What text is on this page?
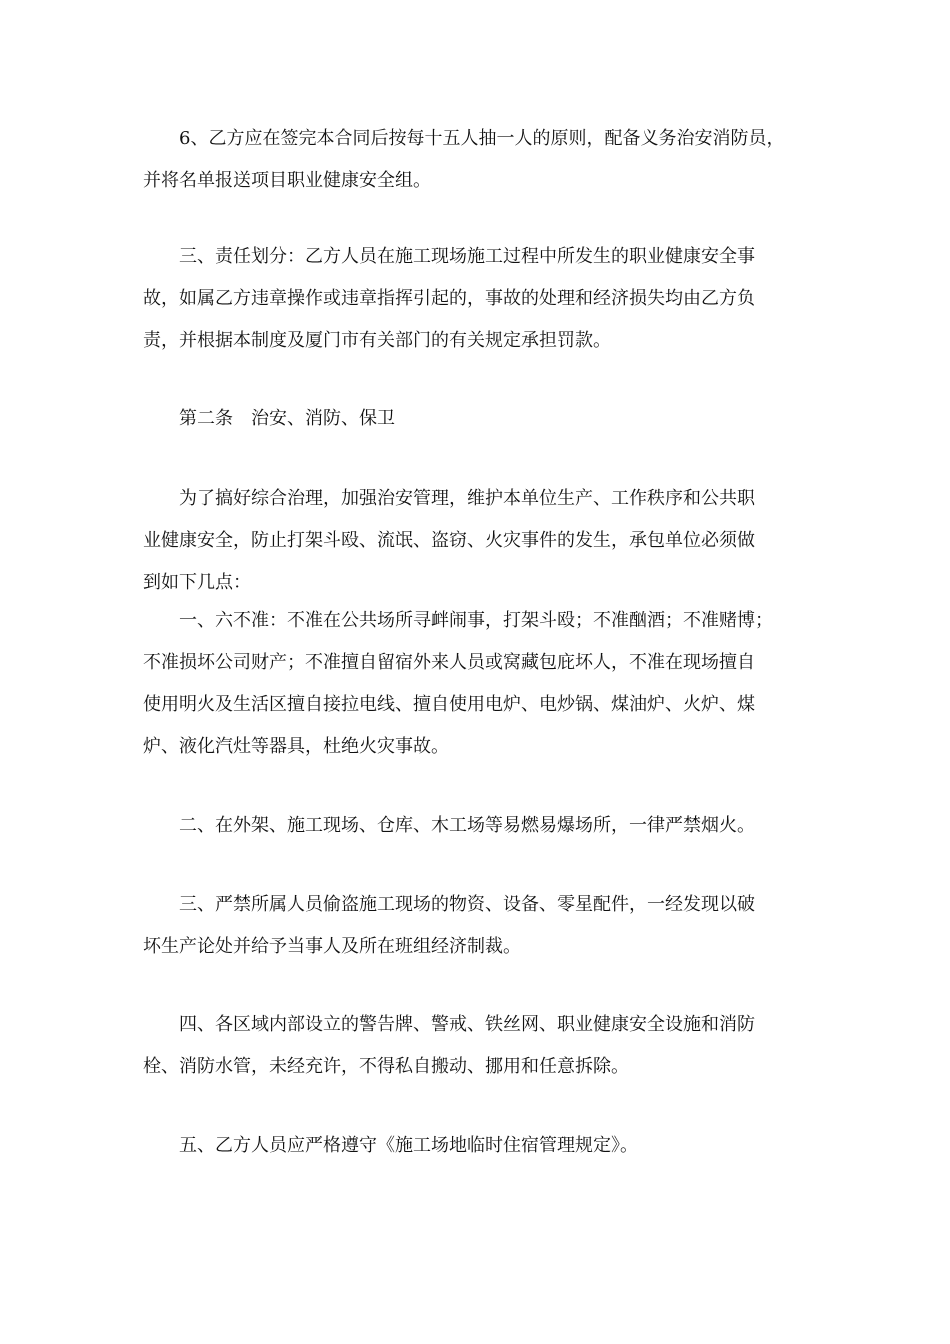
6、乙方应在签完本合同后按每十五人抽一人的原则，配备义务治安消防员，
并将名单报送项目职业健康安全组。
三、责任划分：乙方人员在施工现场施工过程中所发生的职业健康安全事
故，如属乙方违章操作或违章指挥引起的，事故的处理和经济损失均由乙方负
责，并根据本制度及厦门市有关部门的有关规定承担罚款。
第二条　治安、消防、保卫
为了搞好综合治理，加强治安管理，维护本单位生产、工作秩序和公共职
业健康安全，防止打架斗殴、流氓、盗窃、火灾事件的发生，承包单位必须做
到如下几点：
一、六不准：不准在公共场所寻衅闹事，打架斗殴；不准酗酒；不准赌博；
不准损坏公司财产；不准擅自留宿外来人员或窝藏包庇坏人，不准在现场擅自
使用明火及生活区擅自接拉电线、擅自使用电炉、电炒锅、煤油炉、火炉、煤
炉、液化汽灶等器具，杜绝火灾事故。
二、在外架、施工现场、仓库、木工场等易燃易爆场所，一律严禁烟火。
三、严禁所属人员偷盗施工现场的物资、设备、零星配件，一经发现以破
坏生产论处并给予当事人及所在班组经济制裁。
四、各区域内部设立的警告牌、警戒、铁丝网、职业健康安全设施和消防
栓、消防水管，未经充许，不得私自搬动、挪用和任意拆除。
五、乙方人员应严格遵守《施工场地临时住宿管理规定》。
